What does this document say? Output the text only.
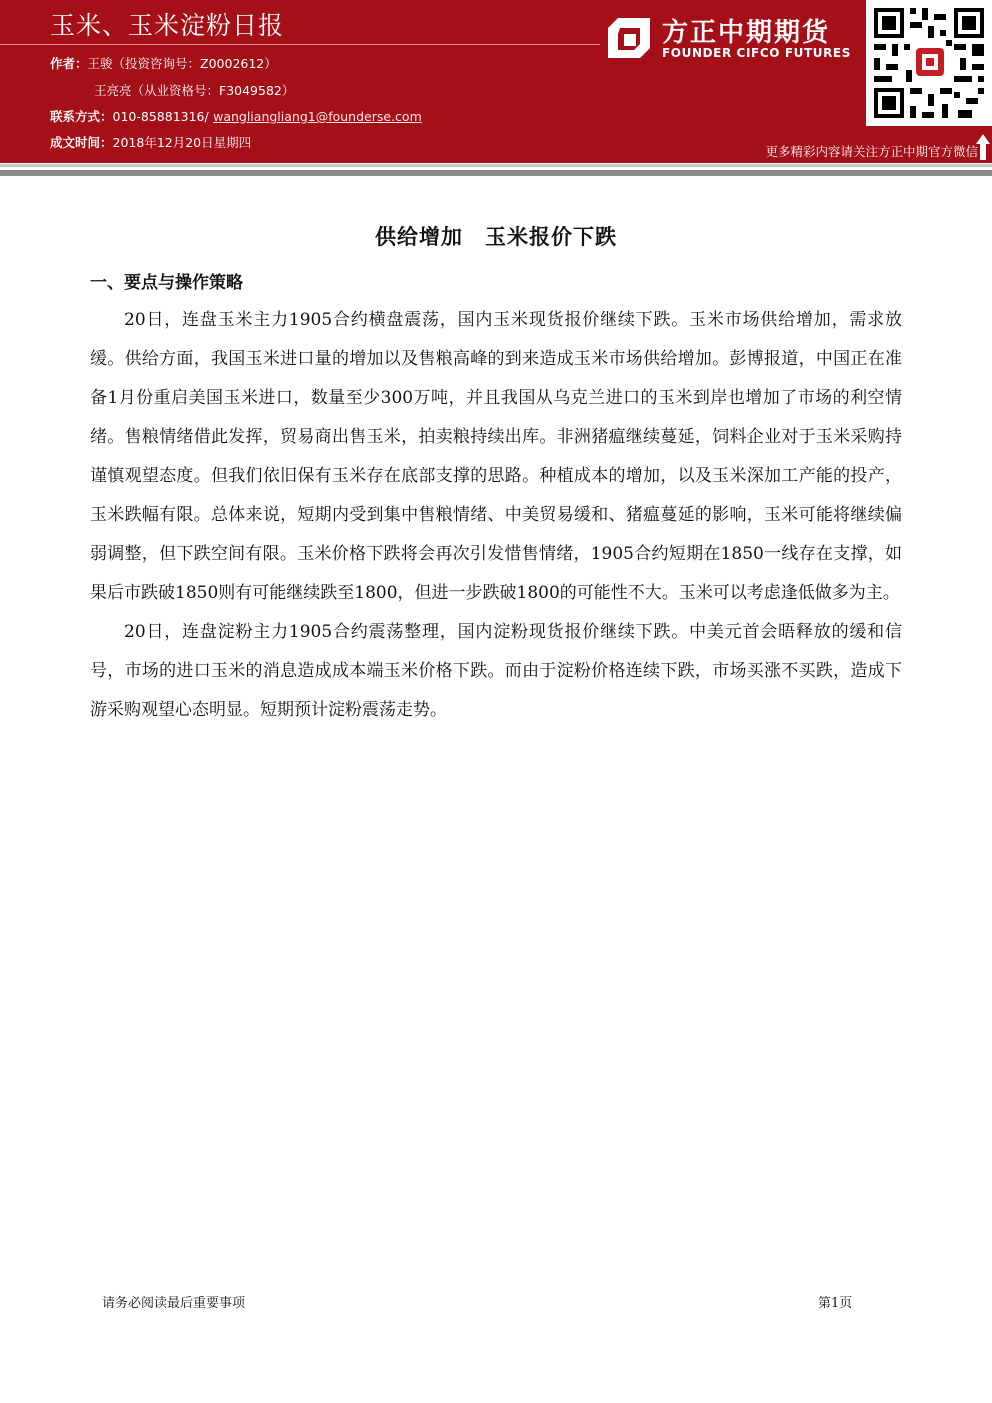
玉米、玉米淀粉日报
作者：王骏（投资咨询号：Z0002612）
王亮亮（从业资格号：F3049582）
联系方式：010-85881316/ wangliangliang1@founderse.com
成文时间：2018年12月20日星期四
方正中期期货
FOUNDER CIFCO FUTURES
更多精彩内容请关注方正中期官方微信
供给增加　玉米报价下跌
一、要点与操作策略

20日，连盘玉米主力1905合约横盘震荡，国内玉米现货报价继续下跌。玉米市场供给增加，需求放缓。供给方面，我国玉米进口量的增加以及售粮高峰的到来造成玉米市场供给增加。彭博报道，中国正在准备1月份重启美国玉米进口，数量至少300万吨，并且我国从乌克兰进口的玉米到岸也增加了市场的利空情绪。售粮情绪借此发挥，贸易商出售玉米，拍卖粮持续出库。非洲猪瘟继续蔓延，饲料企业对于玉米采购持谨慎观望态度。但我们依旧保有玉米存在底部支撑的思路。种植成本的增加，以及玉米深加工产能的投产，玉米跌幅有限。总体来说，短期内受到集中售粮情绪、中美贸易缓和、猪瘟蔓延的影响，玉米可能将继续偏弱调整，但下跌空间有限。玉米价格下跌将会再次引发惜售情绪，1905合约短期在1850一线存在支撑，如果后市跌破1850则有可能继续跌至1800，但进一步跌破1800的可能性不大。玉米可以考虑逢低做多为主。

20日，连盘淀粉主力1905合约震荡整理，国内淀粉现货报价继续下跌。中美元首会晤释放的缓和信号，市场的进口玉米的消息造成成本端玉米价格下跌。而由于淀粉价格连续下跌，市场买涨不买跌，造成下游采购观望心态明显。短期预计淀粉震荡走势。

请务必阅读最后重要事项	第1页
